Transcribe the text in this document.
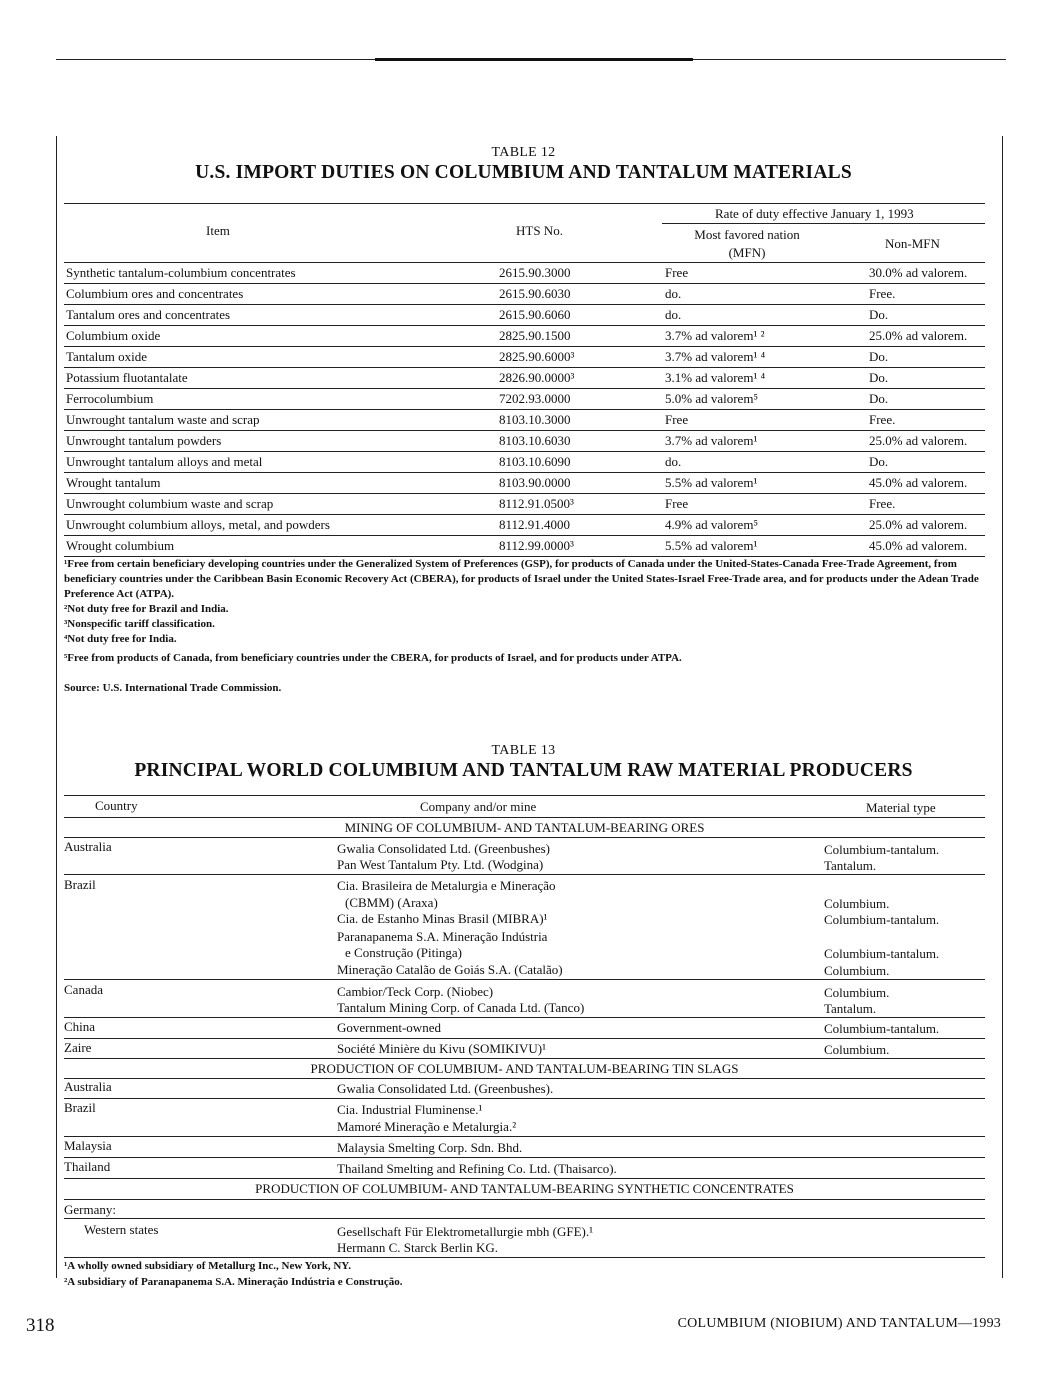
TABLE 12
U.S. IMPORT DUTIES ON COLUMBIUM AND TANTALUM MATERIALS
Item	HTS No.
Rate of duty effective January 1, 1993
Most favored nation
(MFN)
Non-MFN
Synthetic tantalum-columbium concentrates	2615.90.3000	Free	30.0% ad valorem.
Columbium ores and concentrates	2615.90.6030	do.	Free.
Tantalum ores and concentrates	2615.90.6060	do.	Do.
Columbium oxide	2825.90.1500	3.7% ad valorem¹ ²	25.0% ad valorem.
Tantalum oxide	2825.90.6000³	3.7% ad valorem¹ ⁴	Do.
Potassium fluotantalate	2826.90.0000³	3.1% ad valorem¹ ⁴	Do.
Ferrocolumbium	7202.93.0000	5.0% ad valorem⁵	Do.
Unwrought tantalum waste and scrap	8103.10.3000	Free	Free.
Unwrought tantalum powders	8103.10.6030	3.7% ad valorem¹	25.0% ad valorem.
Unwrought tantalum alloys and metal	8103.10.6090	do.	Do.
Wrought tantalum	8103.90.0000	5.5% ad valorem¹	45.0% ad valorem.
Unwrought columbium waste and scrap	8112.91.0500³	Free	Free.
Unwrought columbium alloys, metal, and powders	8112.91.4000	4.9% ad valorem⁵	25.0% ad valorem.
Wrought columbium	8112.99.0000³	5.5% ad valorem¹	45.0% ad valorem.
¹Free from certain beneficiary developing countries under the Generalized System of Preferences (GSP), for products of Canada under the United-States-Canada Free-Trade Agreement, from beneficiary countries under the Caribbean Basin Economic Recovery Act (CBERA), for products of Israel under the United States-Israel Free-Trade area, and for products under the Adean Trade Preference Act (ATPA).
²Not duty free for Brazil and India.
³Nonspecific tariff classification.
⁴Not duty free for India.
⁵Free from products of Canada, from beneficiary countries under the CBERA, for products of Israel, and for products under ATPA.
Source: U.S. International Trade Commission.
TABLE 13
PRINCIPAL WORLD COLUMBIUM AND TANTALUM RAW MATERIAL PRODUCERS
Country	Company and/or mine	Material type
MINING OF COLUMBIUM- AND TANTALUM-BEARING ORES
Australia	Gwalia Consolidated Ltd. (Greenbushes)	Columbium-tantalum.
Pan West Tantalum Pty. Ltd. (Wodgina)	Tantalum.
Brazil	Cia. Brasileira de Metalurgia e Mineração
(CBMM) (Araxa)	Columbium.
Cia. de Estanho Minas Brasil (MIBRA)¹	Columbium-tantalum.
Paranapanema S.A. Mineração Indústria
e Construção (Pitinga)	Columbium-tantalum.
Mineração Catalão de Goiás S.A. (Catalão)	Columbium.
Canada	Cambior/Teck Corp. (Niobec)	Columbium.
Tantalum Mining Corp. of Canada Ltd. (Tanco)	Tantalum.
China	Government-owned	Columbium-tantalum.
Zaire	Société Minière du Kivu (SOMIKIVU)¹	Columbium.
PRODUCTION OF COLUMBIUM- AND TANTALUM-BEARING TIN SLAGS
Australia	Gwalia Consolidated Ltd. (Greenbushes).
Brazil	Cia. Industrial Fluminense.¹
Mamoré Mineração e Metalurgia.²
Malaysia	Malaysia Smelting Corp. Sdn. Bhd.
Thailand	Thailand Smelting and Refining Co. Ltd. (Thaisarco).
PRODUCTION OF COLUMBIUM- AND TANTALUM-BEARING SYNTHETIC CONCENTRATES
Germany:
Western states	Gesellschaft Für Elektrometallurgie mbh (GFE).¹
Hermann C. Starck Berlin KG.
¹A wholly owned subsidiary of Metallurg Inc., New York, NY.
²A subsidiary of Paranapanema S.A. Mineração Indústria e Construção.
318	COLUMBIUM (NIOBIUM) AND TANTALUM—1993
